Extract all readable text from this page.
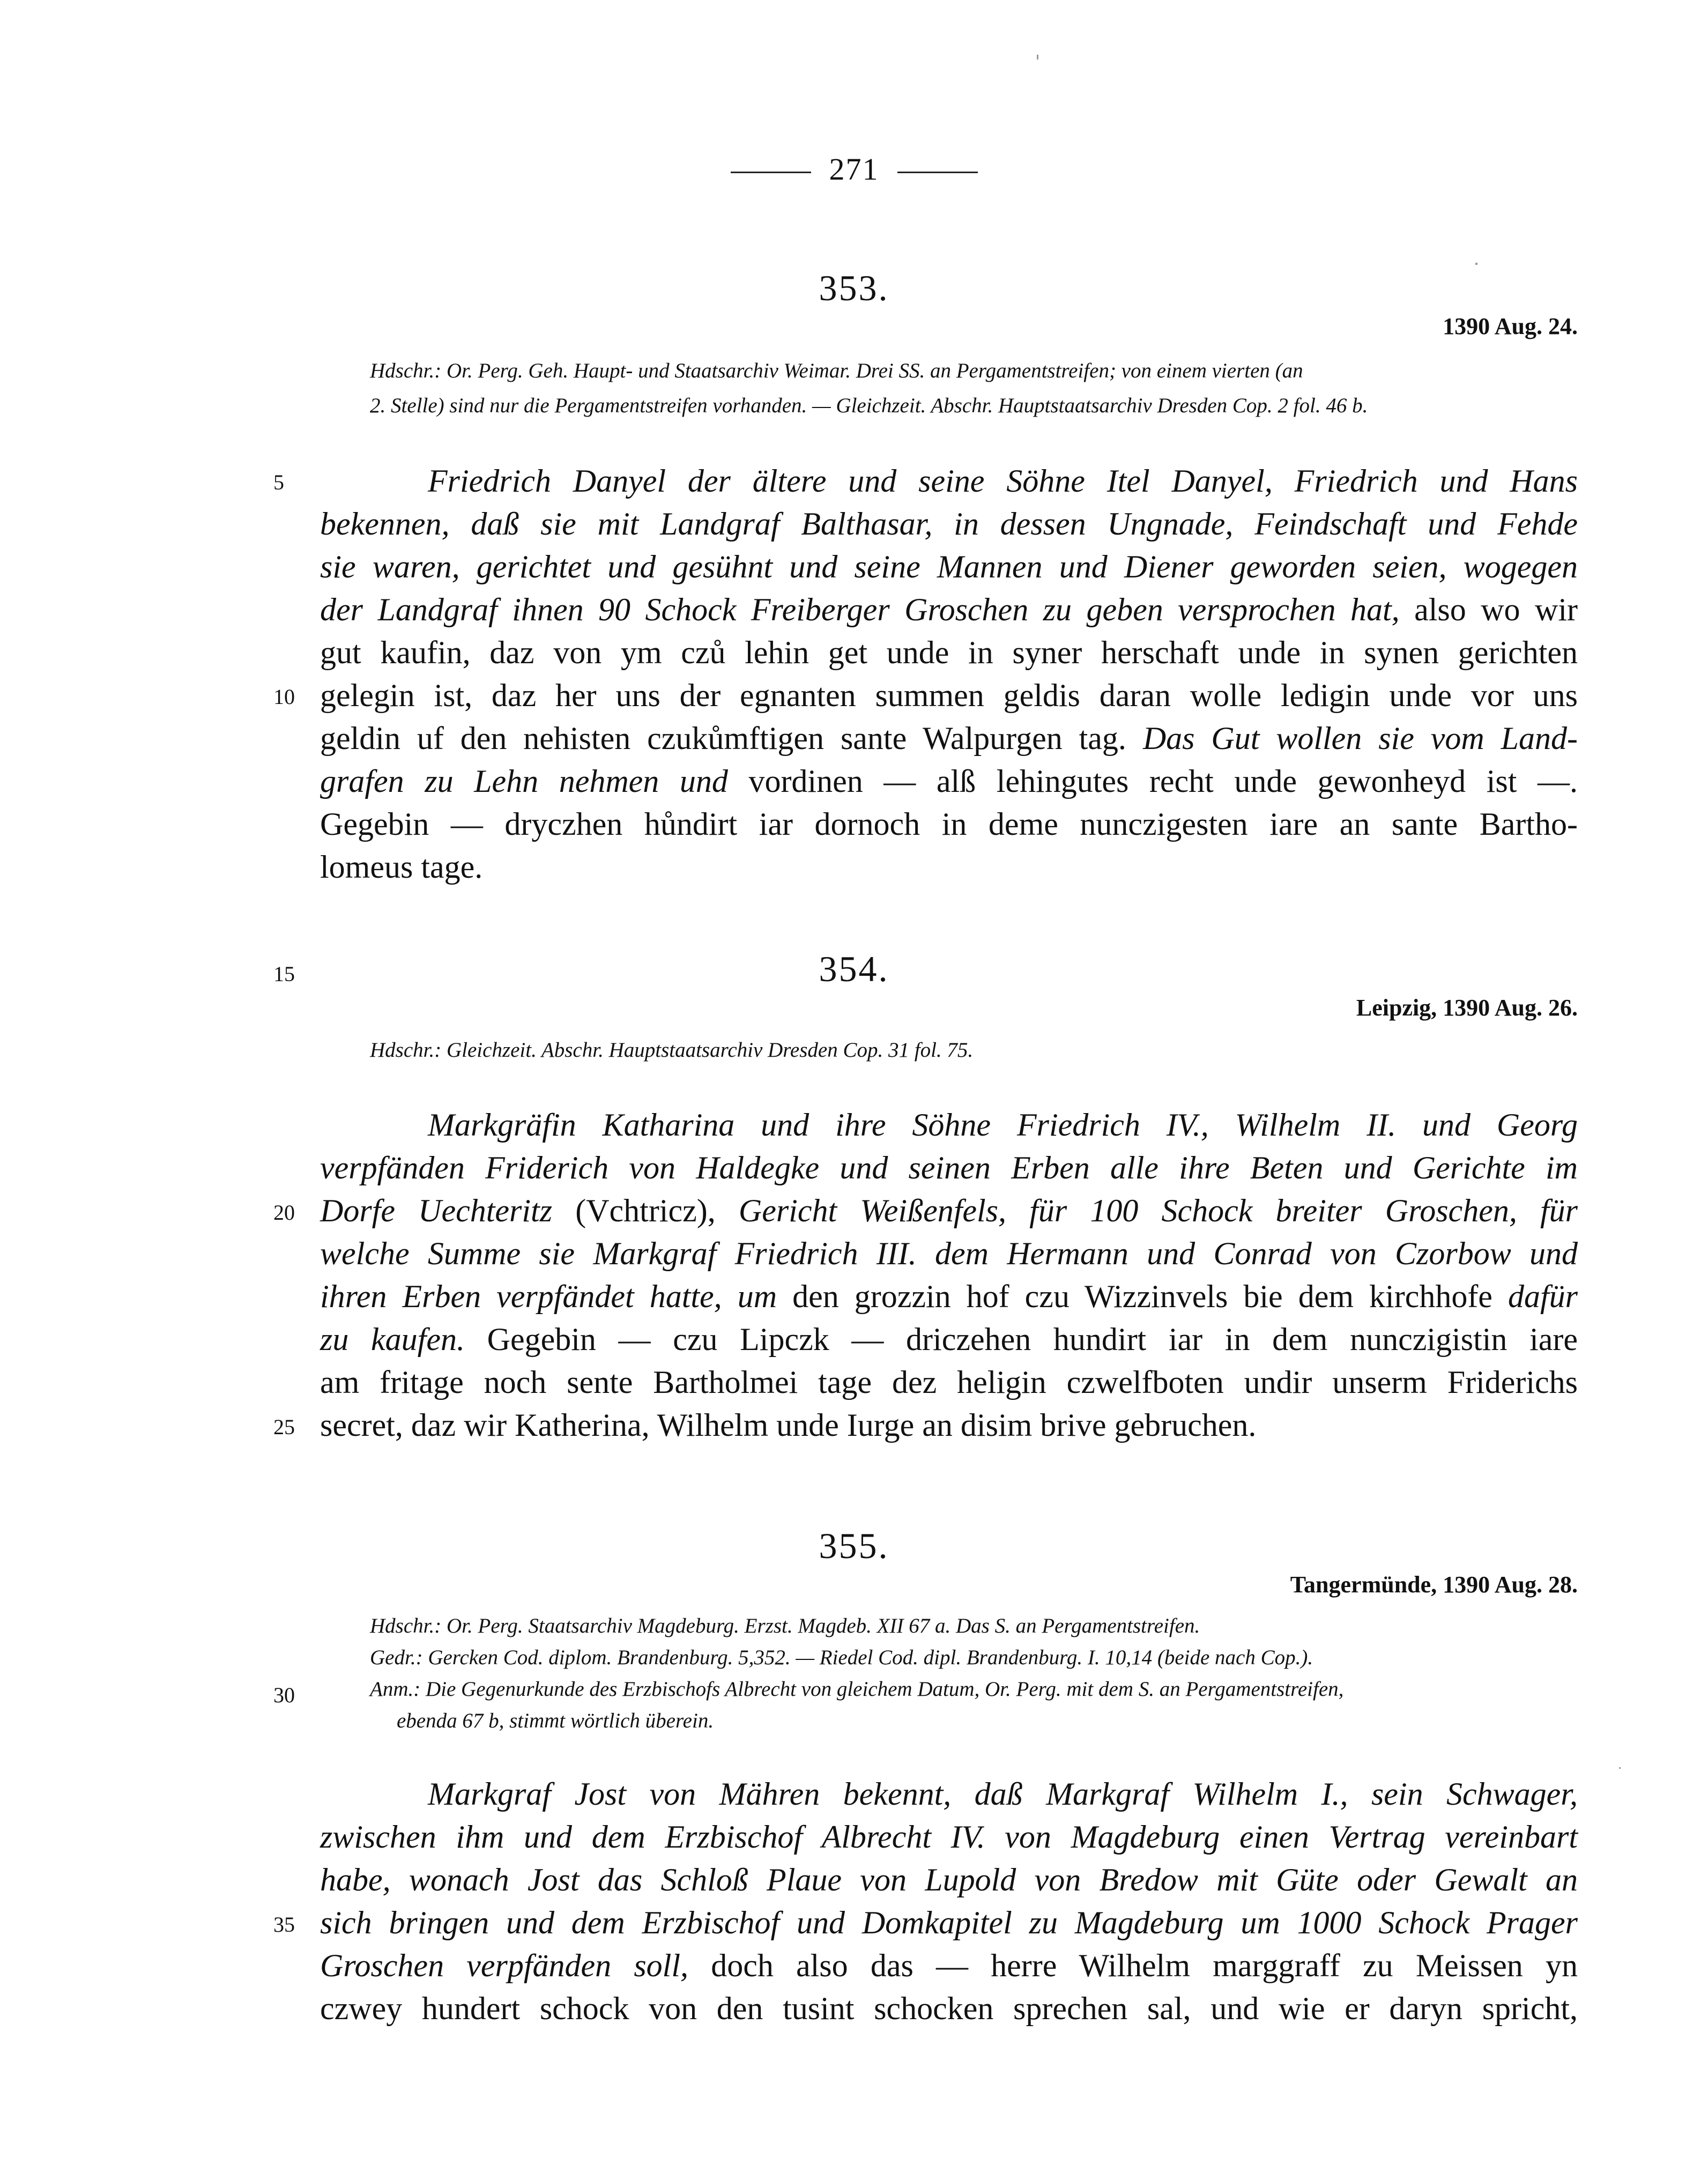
271
353.
1390 Aug. 24.
Hdschr.: Or. Perg. Geh. Haupt- und Staatsarchiv Weimar. Drei SS. an Pergamentstreifen; von einem vierten (an
2. Stelle) sind nur die Pergamentstreifen vorhanden. — Gleichzeit. Abschr. Hauptstaatsarchiv Dresden Cop. 2 fol. 46 b.
5	Friedrich Danyel der ältere und seine Söhne Itel Danyel, Friedrich und Hans
bekennen, daß sie mit Landgraf Balthasar, in dessen Ungnade, Feindschaft und Fehde
sie waren, gerichtet und gesühnt und seine Mannen und Diener geworden seien, wogegen
der Landgraf ihnen 90 Schock Freiberger Groschen zu geben versprochen hat, also wo wir
gut kaufin, daz von ym czů lehin get unde in syner herschaft unde in synen gerichten
10 gelegin ist, daz her uns der egnanten summen geldis daran wolle ledigin unde vor uns
geldin uf den nehisten czukůmftigen sante Walpurgen tag. Das Gut wollen sie vom Land-
grafen zu Lehn nehmen und vordinen — alß lehingutes recht unde gewonheyd ist —.
Gegebin — dryczhen hůndirt iar dornoch in deme nunczigesten iare an sante Bartho-
lomeus tage.
15	354.
Leipzig, 1390 Aug. 26.
Hdschr.: Gleichzeit. Abschr. Hauptstaatsarchiv Dresden Cop. 31 fol. 75.
Markgräfin Katharina und ihre Söhne Friedrich IV., Wilhelm II. und Georg
verpfänden Friderich von Haldegke und seinen Erben alle ihre Beten und Gerichte im
20 Dorfe Uechteritz (Vchtricz), Gericht Weißenfels, für 100 Schock breiter Groschen, für
welche Summe sie Markgraf Friedrich III. dem Hermann und Conrad von Czorbow und
ihren Erben verpfändet hatte, um den grozzin hof czu Wizzinvels bie dem kirchhofe dafür
zu kaufen. Gegebin — czu Lipczk — driczehen hundirt iar in dem nunczigistin iare
am fritage noch sente Bartholmei tage dez heligin czwelfboten undir unserm Friderichs
25 secret, daz wir Katherina, Wilhelm unde Iurge an disim brive gebruchen.
355.
Tangermünde, 1390 Aug. 28.
Hdschr.: Or. Perg. Staatsarchiv Magdeburg. Erzst. Magdeb. XII 67 a. Das S. an Pergamentstreifen.
Gedr.: Gercken Cod. diplom. Brandenburg. 5,352. — Riedel Cod. dipl. Brandenburg. I. 10,14 (beide nach Cop.).
30	Anm.: Die Gegenurkunde des Erzbischofs Albrecht von gleichem Datum, Or. Perg. mit dem S. an Pergamentstreifen,
ebenda 67 b, stimmt wörtlich überein.
Markgraf Jost von Mähren bekennt, daß Markgraf Wilhelm I., sein Schwager,
zwischen ihm und dem Erzbischof Albrecht IV. von Magdeburg einen Vertrag vereinbart
habe, wonach Jost das Schloß Plaue von Lupold von Bredow mit Güte oder Gewalt an
35 sich bringen und dem Erzbischof und Domkapitel zu Magdeburg um 1000 Schock Prager
Groschen verpfänden soll, doch also das — herre Wilhelm marggraff zu Meissen yn
czwey hundert schock von den tusint schocken sprechen sal, und wie er daryn spricht,
